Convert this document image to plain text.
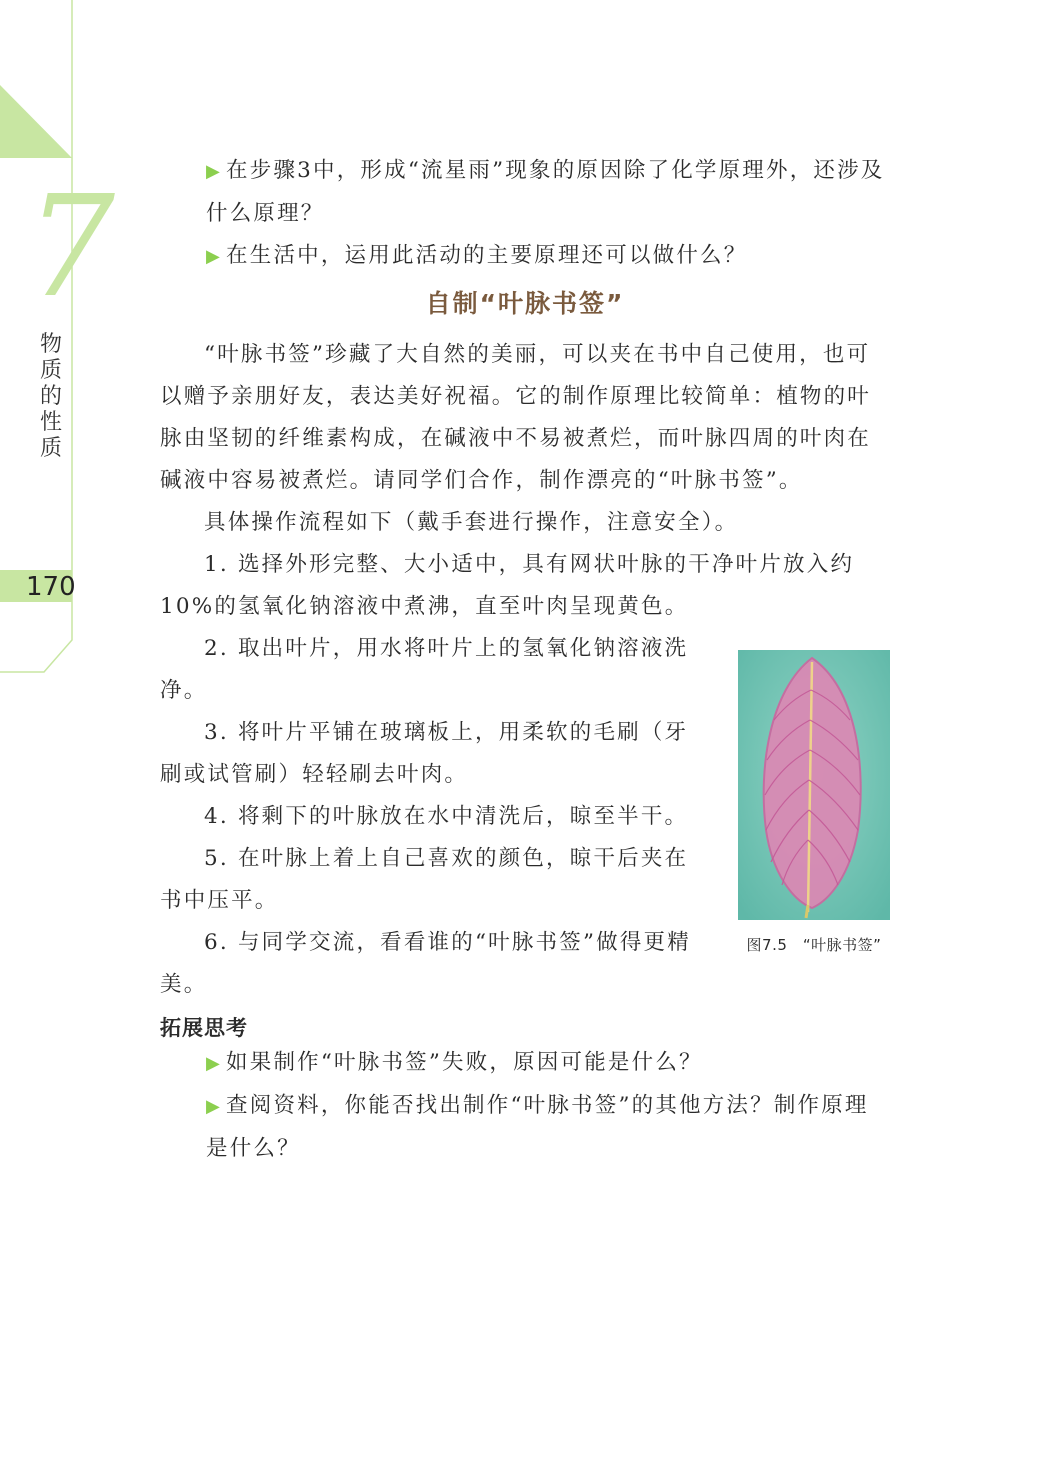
7
物质的性质
170

▶ 在步骤3中，形成“流星雨”现象的原因除了化学原理外，还涉及什么原理？

▶ 在生活中，运用此活动的主要原理还可以做什么？

自制“叶脉书签”

“叶脉书签”珍藏了大自然的美丽，可以夹在书中自己使用，也可以赠予亲朋好友，表达美好祝福。它的制作原理比较简单：植物的叶脉由坚韧的纤维素构成，在碱液中不易被煮烂，而叶脉四周的叶肉在碱液中容易被煮烂。请同学们合作，制作漂亮的“叶脉书签”。

具体操作流程如下（戴手套进行操作，注意安全）。

1. 选择外形完整、大小适中，具有网状叶脉的干净叶片放入约10%的氢氧化钠溶液中煮沸，直至叶肉呈现黄色。

2. 取出叶片，用水将叶片上的氢氧化钠溶液洗净。

3. 将叶片平铺在玻璃板上，用柔软的毛刷（牙刷或试管刷）轻轻刷去叶肉。

4. 将剩下的叶脉放在水中清洗后，晾至半干。

5. 在叶脉上着上自己喜欢的颜色，晾干后夹在书中压平。

6. 与同学交流，看看谁的“叶脉书签”做得更精美。

拓展思考

▶ 如果制作“叶脉书签”失败，原因可能是什么？

▶ 查阅资料，你能否找出制作“叶脉书签”的其他方法？制作原理是什么？

图7.5　“叶脉书签”
